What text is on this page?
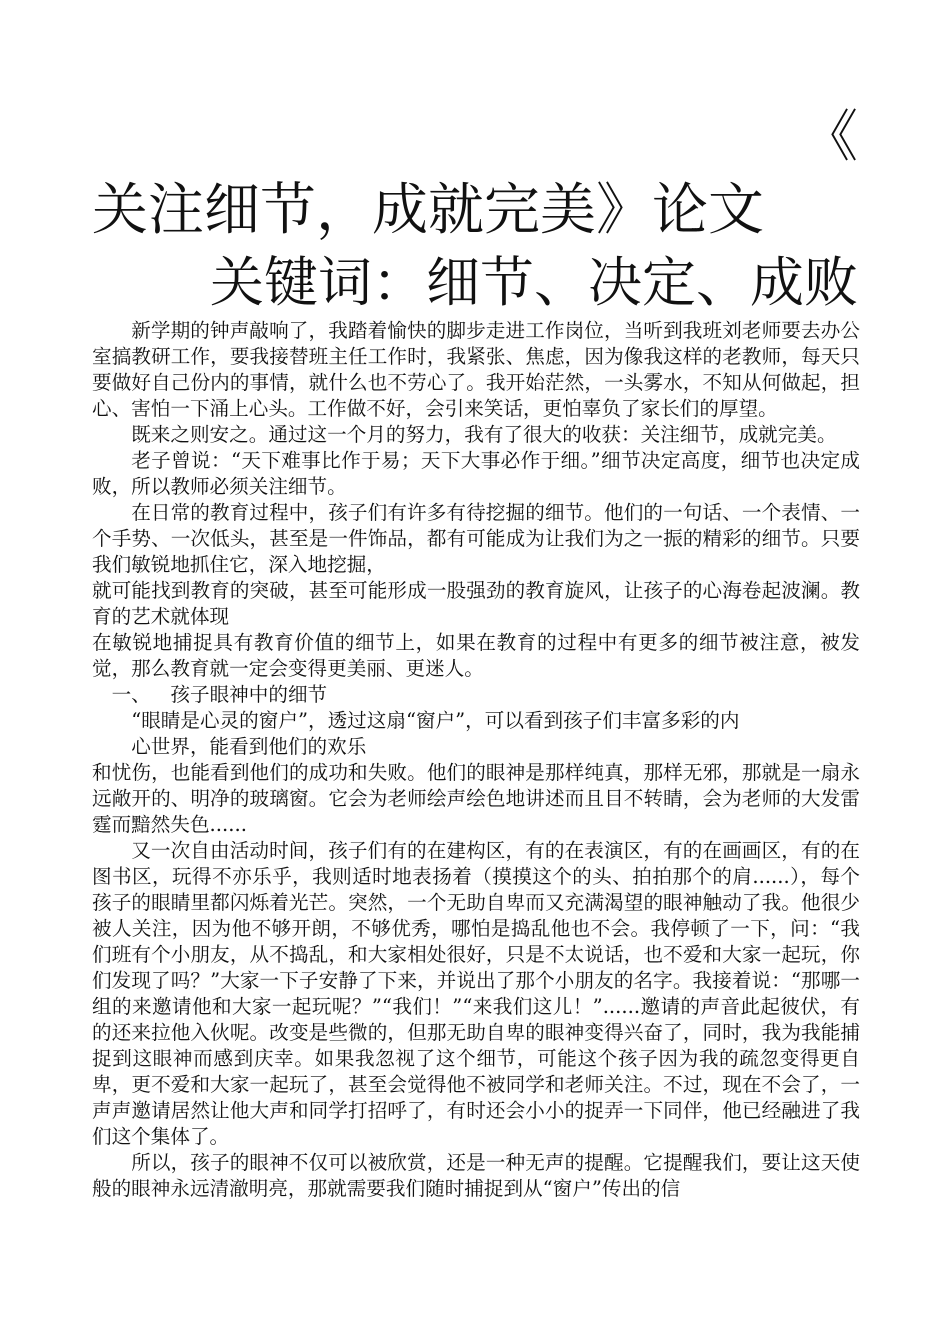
《
关注细节，成就完美》论文
关键词：细节、决定、成败

新学期的钟声敲响了，我踏着愉快的脚步走进工作岗位，当听到我班刘老师要去办公室搞教研工作，要我接替班主任工作时，我紧张、焦虑，因为像我这样的老教师，每天只要做好自己份内的事情，就什么也不劳心了。我开始茫然，一头雾水，不知从何做起，担心、害怕一下涌上心头。工作做不好，会引来笑话，更怕辜负了家长们的厚望。

既来之则安之。通过这一个月的努力，我有了很大的收获：关注细节，成就完美。

老子曾说：“天下难事比作于易；天下大事必作于细。”细节决定高度，细节也决定成败，所以教师必须关注细节。

在日常的教育过程中，孩子们有许多有待挖掘的细节。他们的一句话、一个表情、一个手势、一次低头，甚至是一件饰品，都有可能成为让我们为之一振的精彩的细节。只要我们敏锐地抓住它，深入地挖掘，

就可能找到教育的突破，甚至可能形成一股强劲的教育旋风，让孩子的心海卷起波澜。教育的艺术就体现

在敏锐地捕捉具有教育价值的细节上，如果在教育的过程中有更多的细节被注意，被发觉，那么教育就一定会变得更美丽、更迷人。

一、 孩子眼神中的细节

“眼睛是心灵的窗户”，透过这扇“窗户”，可以看到孩子们丰富多彩的内

心世界，能看到他们的欢乐

和忧伤，也能看到他们的成功和失败。他们的眼神是那样纯真，那样无邪，那就是一扇永远敞开的、明净的玻璃窗。它会为老师绘声绘色地讲述而且目不转睛，会为老师的大发雷霆而黯然失色......

又一次自由活动时间，孩子们有的在建构区，有的在表演区，有的在画画区，有的在图书区，玩得不亦乐乎，我则适时地表扬着（摸摸这个的头、拍拍那个的肩......），每个孩子的眼睛里都闪烁着光芒。突然，一个无助自卑而又充满渴望的眼神触动了我。他很少被人关注，因为他不够开朗，不够优秀，哪怕是捣乱他也不会。我停顿了一下，问：“我们班有个小朋友，从不捣乱，和大家相处很好，只是不太说话，也不爱和大家一起玩，你们发现了吗？”大家一下子安静了下来，并说出了那个小朋友的名字。我接着说：“那哪一组的来邀请他和大家一起玩呢？”“我们！”“来我们这儿！”......邀请的声音此起彼伏，有的还来拉他入伙呢。改变是些微的，但那无助自卑的眼神变得兴奋了，同时，我为我能捕捉到这眼神而感到庆幸。如果我忽视了这个细节，可能这个孩子因为我的疏忽变得更自卑，更不爱和大家一起玩了，甚至会觉得他不被同学和老师关注。不过，现在不会了，一声声邀请居然让他大声和同学打招呼了，有时还会小小的捉弄一下同伴，他已经融进了我们这个集体了。

所以，孩子的眼神不仅可以被欣赏，还是一种无声的提醒。它提醒我们，要让这天使般的眼神永远清澈明亮，那就需要我们随时捕捉到从“窗户”传出的信
